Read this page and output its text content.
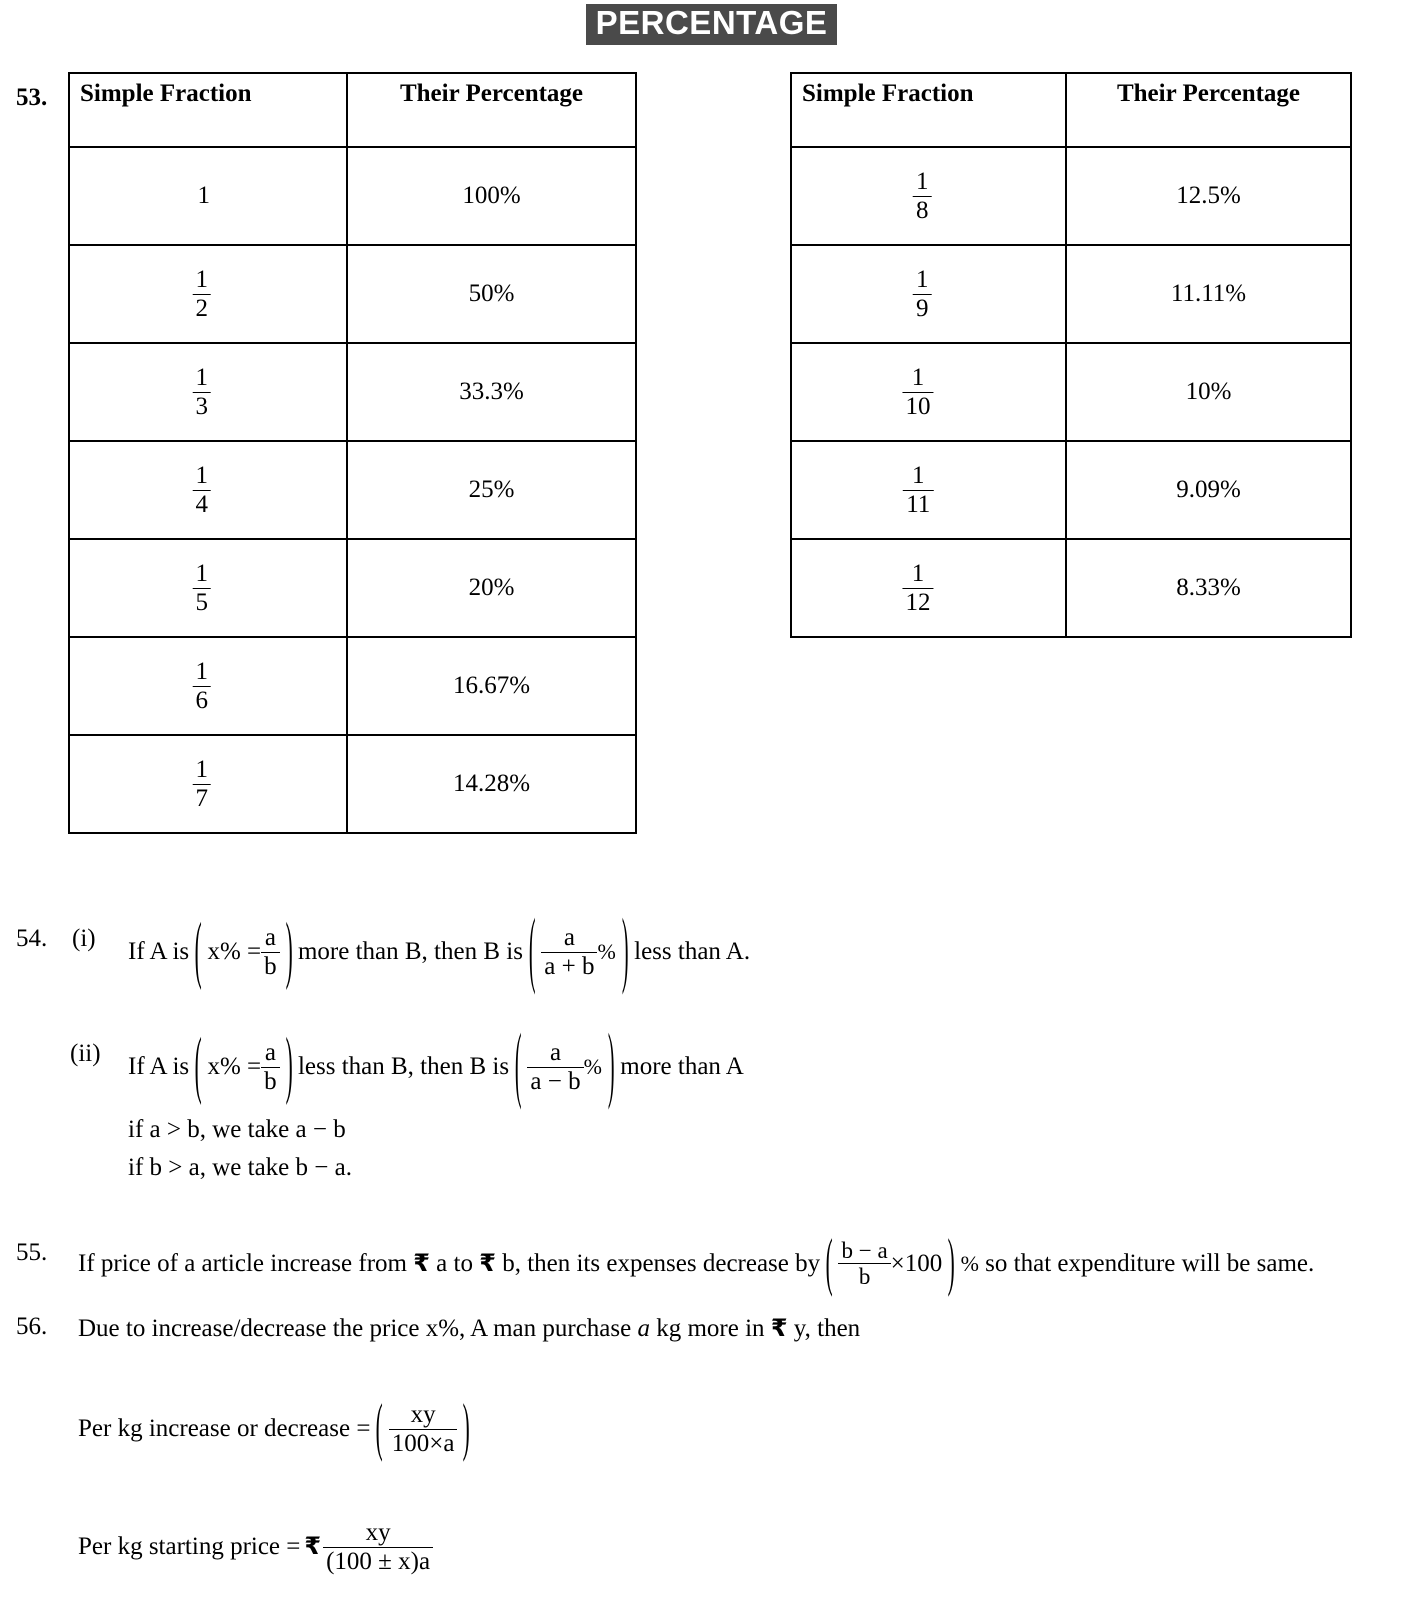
PERCENTAGE
53. Simple Fraction	Their Percentage
1	100%

$\frac{1}{2}$	50%

$\frac{1}{3}$	33.3%

$\frac{1}{4}$	25%

$\frac{1}{5}$	20%

$\frac{1}{6}$	16.67%

$\frac{1}{7}$	14.28%
Simple Fraction	Their Percentage

$\frac{1}{8}$	12.5%

$\frac{1}{9}$	11.11%

$\frac{1}{10}$	10%

$\frac{1}{11}$	9.09%

$\frac{1}{12}$	8.33%
54. (i) If A is ( $x\% = \frac{a}{b}$ ) more than B, then B is ( $\frac{a}{a + b}$ % ) less than A.
(ii) If A is ( $x\% = \frac{a}{b}$ ) less than B, then B is ( $\frac{a}{a - b}$ % ) more than A
if a > b, we take a − b
if b > a, we take b − a.
55. If price of a article increase from
₹
a
to
₹
b , then its expenses decrease by ( $\frac{b - a}{b} \times 100$ ) %
so that expenditure will be same.
56. Due to increase/decrease the price x%, A man purchase a kg more in ₹ y, then
Per kg increase or decrease = ( $\frac{xy}{100\times a}$ )
Per kg starting price = ₹ $\frac{xy}{(100 \pm x)a}$
